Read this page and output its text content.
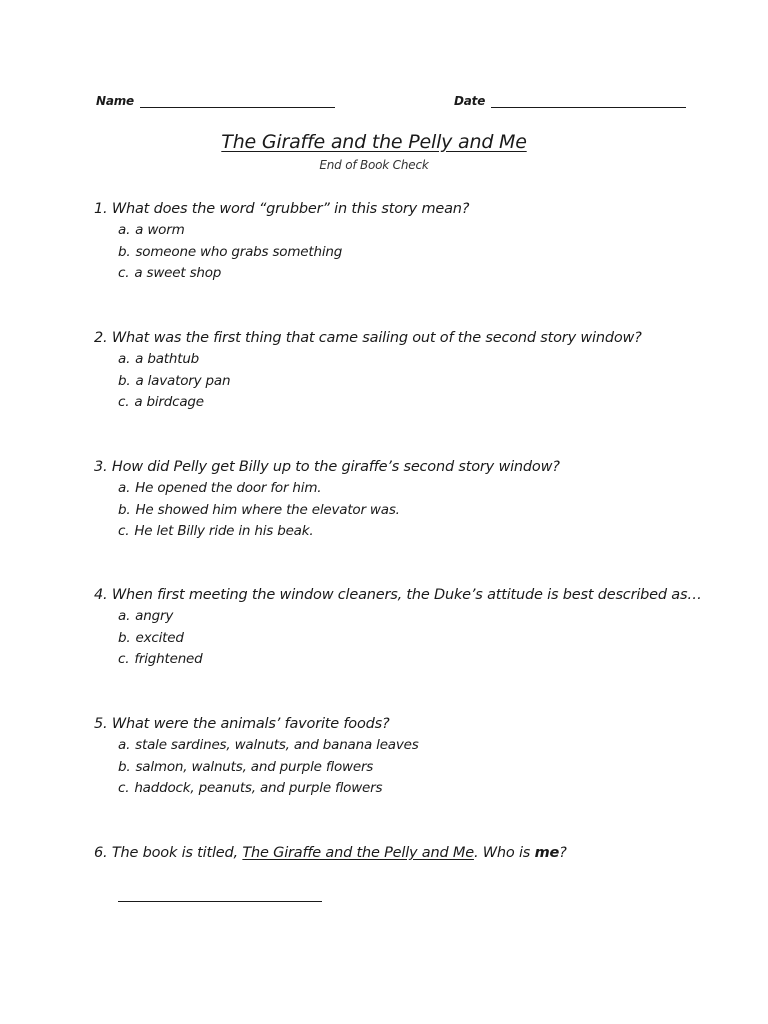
Name	Date
The Giraffe and the Pelly and Me
End of Book Check
1. What does the word “grubber” in this story mean?
a. a worm
b. someone who grabs something
c. a sweet shop
2. What was the first thing that came sailing out of the second story window?
a. a bathtub
b. a lavatory pan
c. a birdcage
3. How did Pelly get Billy up to the giraffe’s second story window?
a. He opened the door for him.
b. He showed him where the elevator was.
c. He let Billy ride in his beak.
4. When first meeting the window cleaners, the Duke’s attitude is best described as…
a. angry
b. excited
c. frightened
5. What were the animals’ favorite foods?
a. stale sardines, walnuts, and banana leaves
b. salmon, walnuts, and purple flowers
c. haddock, peanuts, and purple flowers
6. The book is titled, The Giraffe and the Pelly and Me. Who is me?
